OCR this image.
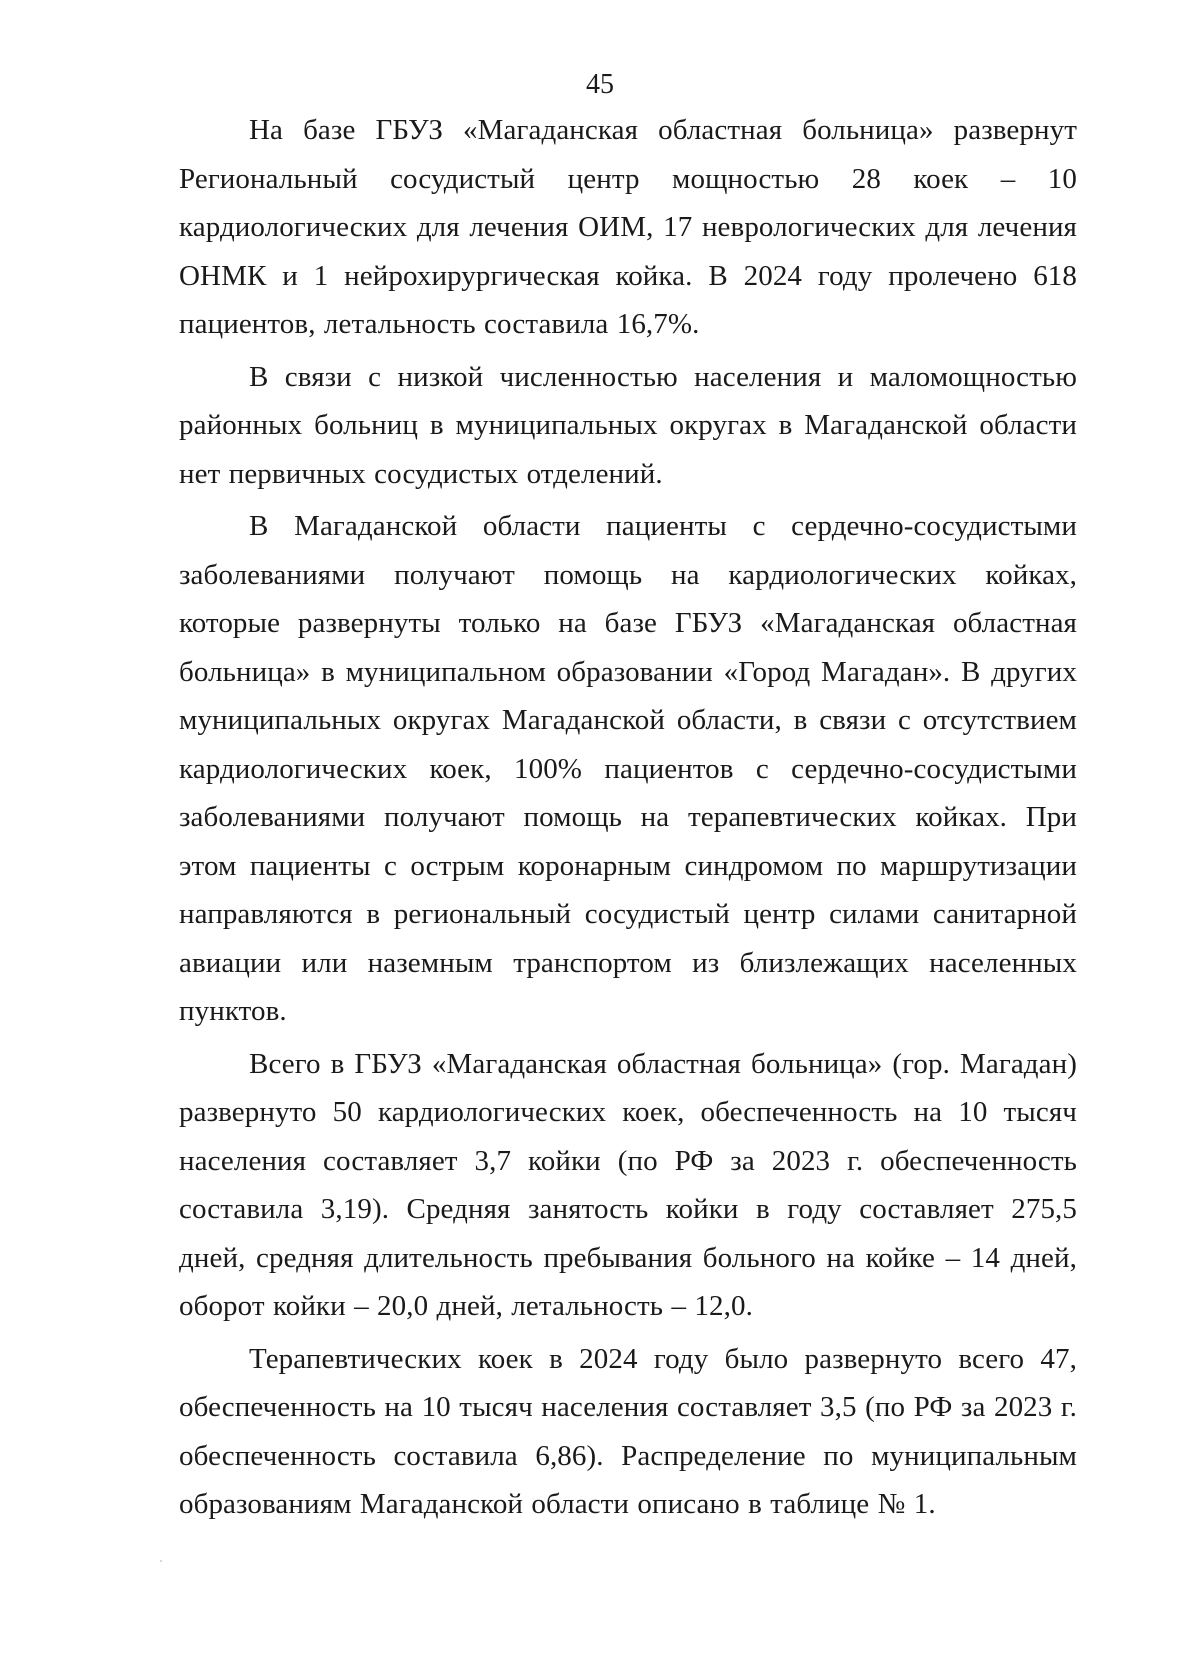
45

На базе ГБУЗ «Магаданская областная больница» развернут Региональный сосудистый центр мощностью 28 коек – 10 кардиологических для лечения ОИМ, 17 неврологических для лечения ОНМК и 1 нейрохирургическая койка. В 2024 году пролечено 618 пациентов, летальность составила 16,7%.

В связи с низкой численностью населения и маломощностью районных больниц в муниципальных округах в Магаданской области нет первичных сосудистых отделений.

В Магаданской области пациенты с сердечно-сосудистыми заболеваниями получают помощь на кардиологических койках, которые развернуты только на базе ГБУЗ «Магаданская областная больница» в муниципальном образовании «Город Магадан». В других муниципальных округах Магаданской области, в связи с отсутствием кардиологических коек, 100% пациентов с сердечно-сосудистыми заболеваниями получают помощь на терапевтических койках. При этом пациенты с острым коронарным синдромом по маршрутизации направляются в региональный сосудистый центр силами санитарной авиации или наземным транспортом из близлежащих населенных пунктов.

Всего в ГБУЗ «Магаданская областная больница» (гор. Магадан) развернуто 50 кардиологических коек, обеспеченность на 10 тысяч населения составляет 3,7 койки (по РФ за 2023 г. обеспеченность составила 3,19). Средняя занятость койки в году составляет 275,5 дней, средняя длительность пребывания больного на койке – 14 дней, оборот койки – 20,0 дней, летальность – 12,0.

Терапевтических коек в 2024 году было развернуто всего 47, обеспеченность на 10 тысяч населения составляет 3,5 (по РФ за 2023 г. обеспеченность составила 6,86). Распределение по муниципальным образованиям Магаданской области описано в таблице № 1.
